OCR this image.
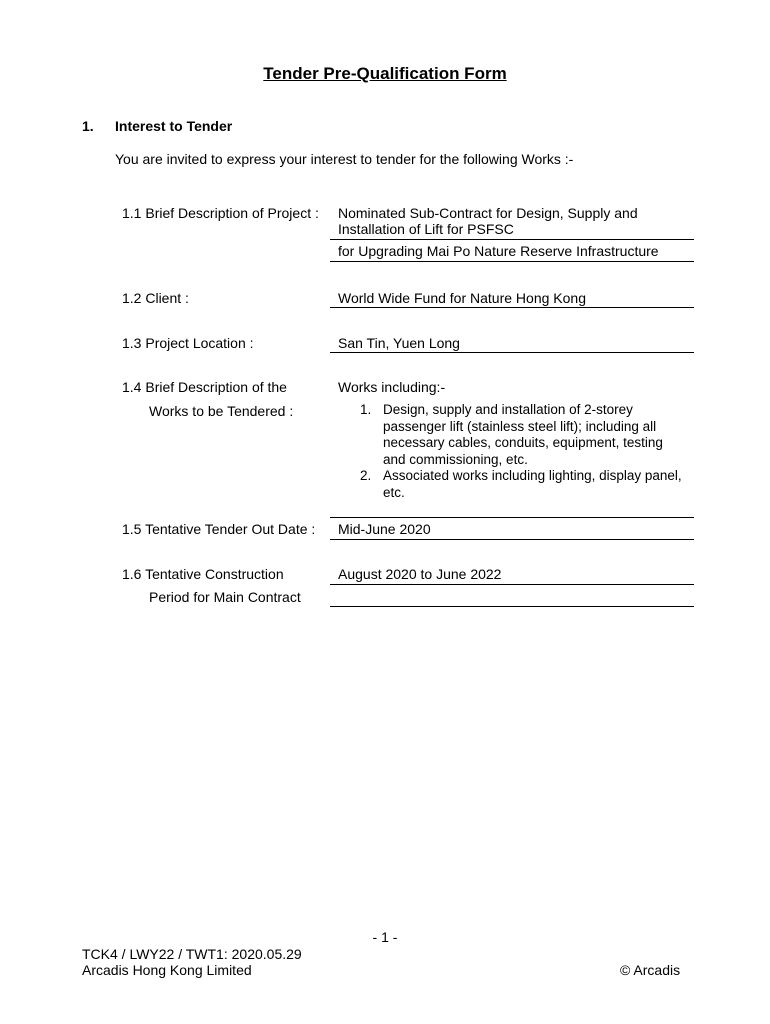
Tender Pre-Qualification Form
1. Interest to Tender
You are invited to express your interest to tender for the following Works :-
1.1 Brief Description of Project : Nominated Sub-Contract for Design, Supply and
Installation of Lift for PSFSC
for Upgrading Mai Po Nature Reserve Infrastructure
1.2 Client :	World Wide Fund for Nature Hong Kong
1.3 Project Location :	San Tin, Yuen Long
1.4 Brief Description of the
Works to be Tendered :
Works including:-
1. Design, supply and installation of 2-storey passenger lift (stainless steel lift); including all necessary cables, conduits, equipment, testing and commissioning, etc.
2. Associated works including lighting, display panel, etc.
1.5 Tentative Tender Out Date : Mid-June 2020
1.6 Tentative Construction
Period for Main Contract
August 2020 to June 2022
- 1 -
TCK4 / LWY22 / TWT1: 2020.05.29
Arcadis Hong Kong Limited	© Arcadis
